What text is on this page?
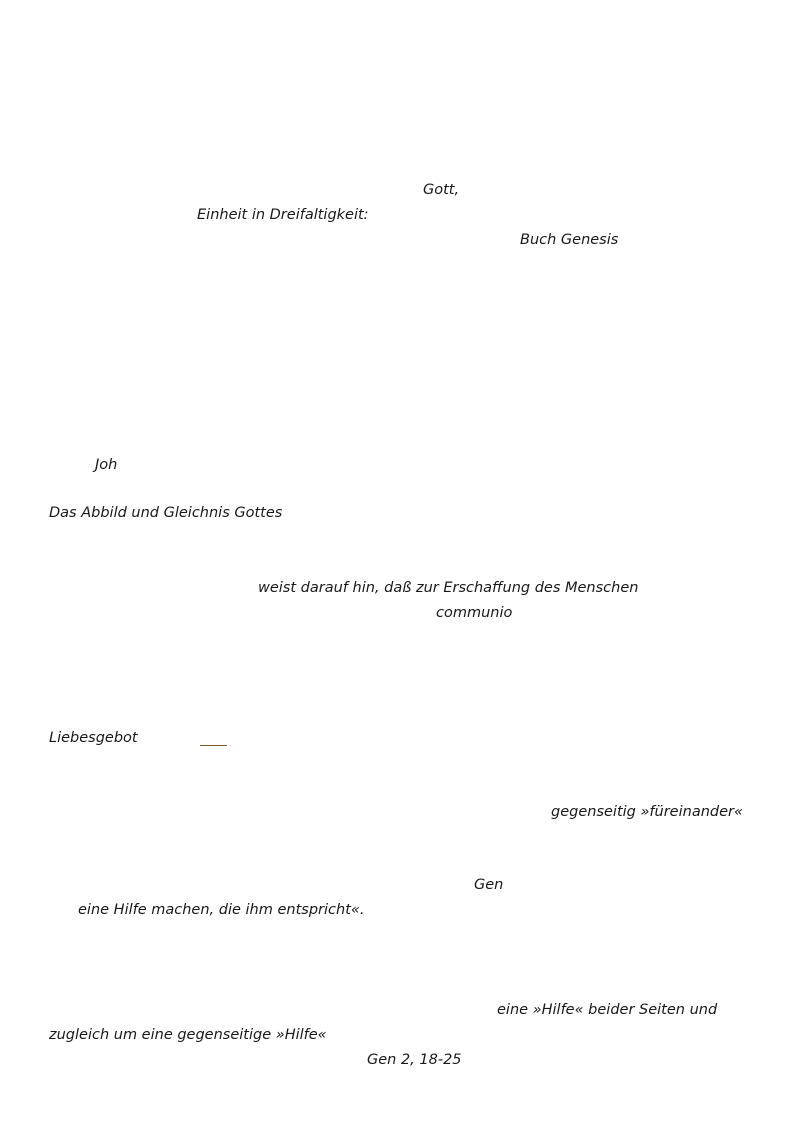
Gott,
Einheit in Dreifaltigkeit:
Buch Genesis
Joh
Das Abbild und Gleichnis Gottes
weist darauf hin, daß zur Erschaffung des Menschen
communio
Liebesgebot
gegenseitig »füreinander«
Gen
eine Hilfe machen, die ihm entspricht«.
eine »Hilfe« beider Seiten und
zugleich um eine gegenseitige »Hilfe«
Gen 2, 18-25
